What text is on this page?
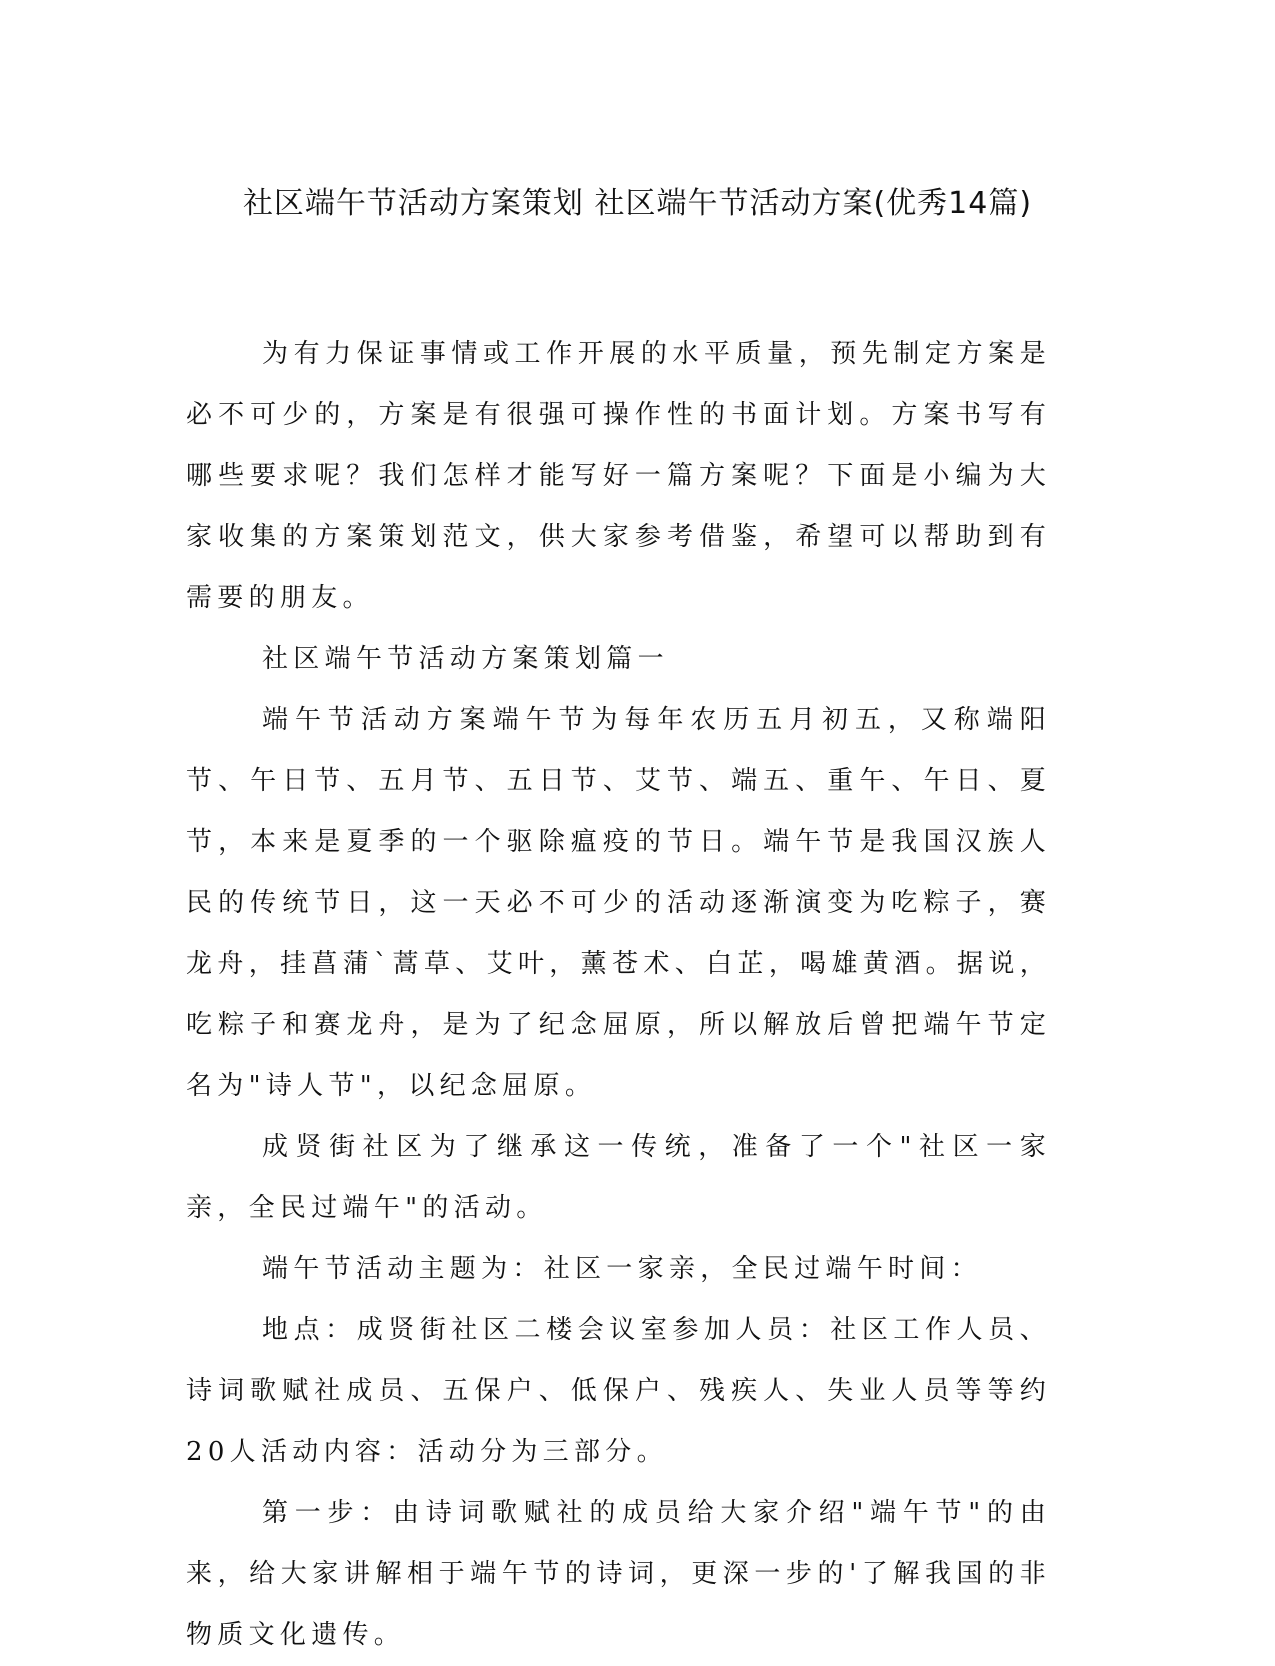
社区端午节活动方案策划 社区端午节活动方案(优秀14篇)

为有力保证事情或工作开展的水平质量，预先制定方案是必不可少的，方案是有很强可操作性的书面计划。方案书写有哪些要求呢？我们怎样才能写好一篇方案呢？下面是小编为大家收集的方案策划范文，供大家参考借鉴，希望可以帮助到有需要的朋友。

社区端午节活动方案策划篇一

端午节活动方案端午节为每年农历五月初五，又称端阳节、午日节、五月节、五日节、艾节、端五、重午、午日、夏节，本来是夏季的一个驱除瘟疫的节日。端午节是我国汉族人民的传统节日，这一天必不可少的活动逐渐演变为吃粽子，赛龙舟，挂菖蒲`蒿草、艾叶，薰苍术、白芷，喝雄黄酒。据说，吃粽子和赛龙舟，是为了纪念屈原，所以解放后曾把端午节定名为"诗人节"，以纪念屈原。

成贤街社区为了继承这一传统，准备了一个"社区一家亲，全民过端午"的活动。

端午节活动主题为：社区一家亲，全民过端午时间：

地点：成贤街社区二楼会议室参加人员：社区工作人员、诗词歌赋社成员、五保户、低保户、残疾人、失业人员等等约20人活动内容：活动分为三部分。

第一步：由诗词歌赋社的成员给大家介绍"端午节"的由来，给大家讲解相于端午节的诗词，更深一步的'了解我国的非物质文化遗传。
